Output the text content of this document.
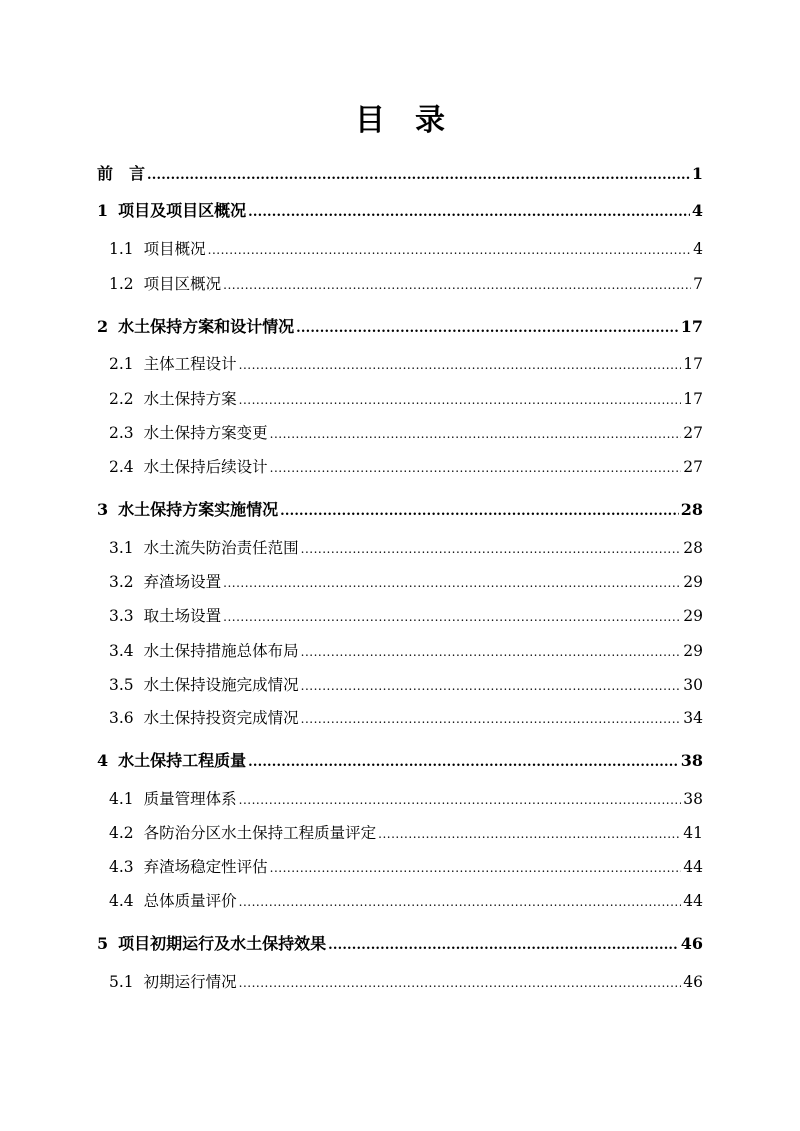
目 录
前　言 .....	1
1 项目及项目区概况 .....	4
1.1 项目概况 .....	4
1.2 项目区概况 .....	7
2 水土保持方案和设计情况 .....	17
2.1 主体工程设计 .....	17
2.2 水土保持方案 .....	17
2.3 水土保持方案变更 .....	27
2.4 水土保持后续设计 .....	27
3 水土保持方案实施情况 .....	28
3.1 水土流失防治责任范围 .....	28
3.2 弃渣场设置 .....	29
3.3 取土场设置 .....	29
3.4 水土保持措施总体布局 .....	29
3.5 水土保持设施完成情况 .....	30
3.6 水土保持投资完成情况 .....	34
4 水土保持工程质量 .....	38
4.1 质量管理体系 .....	38
4.2 各防治分区水土保持工程质量评定 .....	41
4.3 弃渣场稳定性评估 .....	44
4.4 总体质量评价 .....	44
5 项目初期运行及水土保持效果 .....	46
5.1 初期运行情况 .....	46
